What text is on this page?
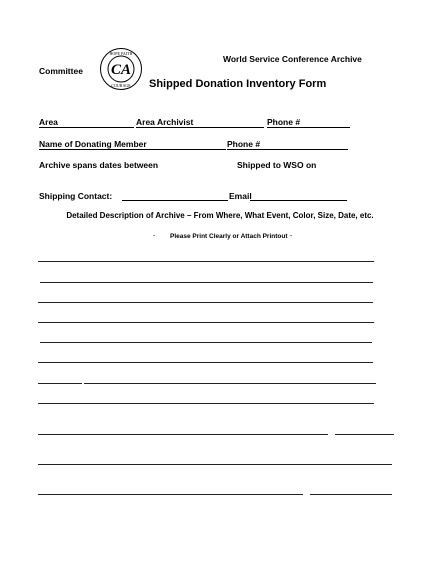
Committee CA
HOPE FAITH
COURAGE
World Service Conference Archive
Shipped Donation Inventory Form
Area	Area Archivist	Phone #
Name of Donating Member	Phone #
Archive spans dates between	Shipped to WSO on
Shipping Contact:	Email
Detailed Description of Archive – From Where, What Event, Color, Size, Date, etc.
- Please Print Clearly or Attach Printout -
